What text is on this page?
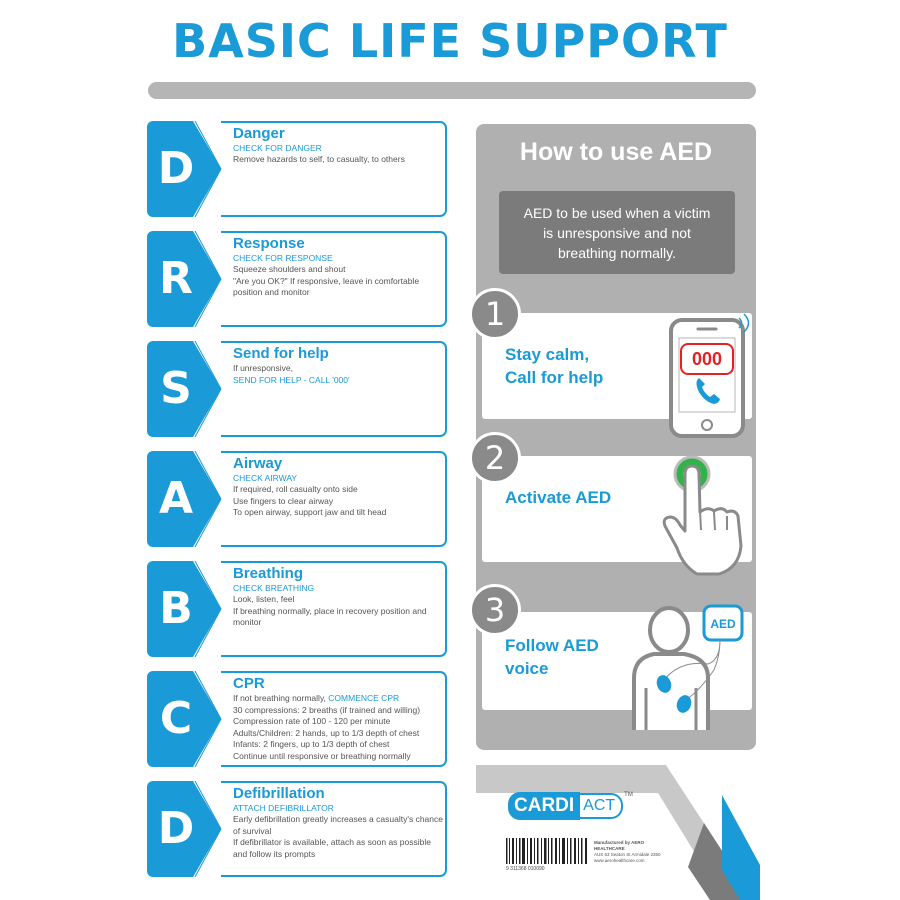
BASIC LIFE SUPPORT
D
Danger
CHECK FOR DANGER

Remove hazards to self, to casualty, to others

R
Response
CHECK FOR RESPONSE

Squeeze shoulders and shout

"Are you OK?" If responsive, leave in comfortable position and monitor

S
Send for help

If unresponsive,

SEND FOR HELP - CALL '000'

A
Airway
CHECK AIRWAY

If required, roll casualty onto side

Use fingers to clear airway

To open airway, support jaw and tilt head

B
Breathing
CHECK BREATHING

Look, listen, feel

If breathing normally, place in recovery position and monitor

C
CPR

If not breathing normally, COMMENCE CPR

30 compressions: 2 breaths (if trained and willing)

Compression rate of 100 - 120 per minute

Adults/Children: 2 hands, up to 1/3 depth of chest

Infants: 2 fingers, up to 1/3 depth of chest

Continue until responsive or breathing normally

D
Defibrillation
ATTACH DEFIBRILLATOR

Early defibrillation greatly increases a casualty's chance of survival

If defibrillator is available, attach as soon as possible and follow its prompts

How to use AED
AED to be used when a victim is unresponsive and not breathing normally.
1
Stay calm,
Call for help
000
2
Activate AED
3
Follow AED
voice
AED
CARDI ACT
TM
9 311368 010090
Manufactured by AERO HEALTHCARE
AUS 63 Seaton St Armidale 2350
www.aerohealthcare.com
